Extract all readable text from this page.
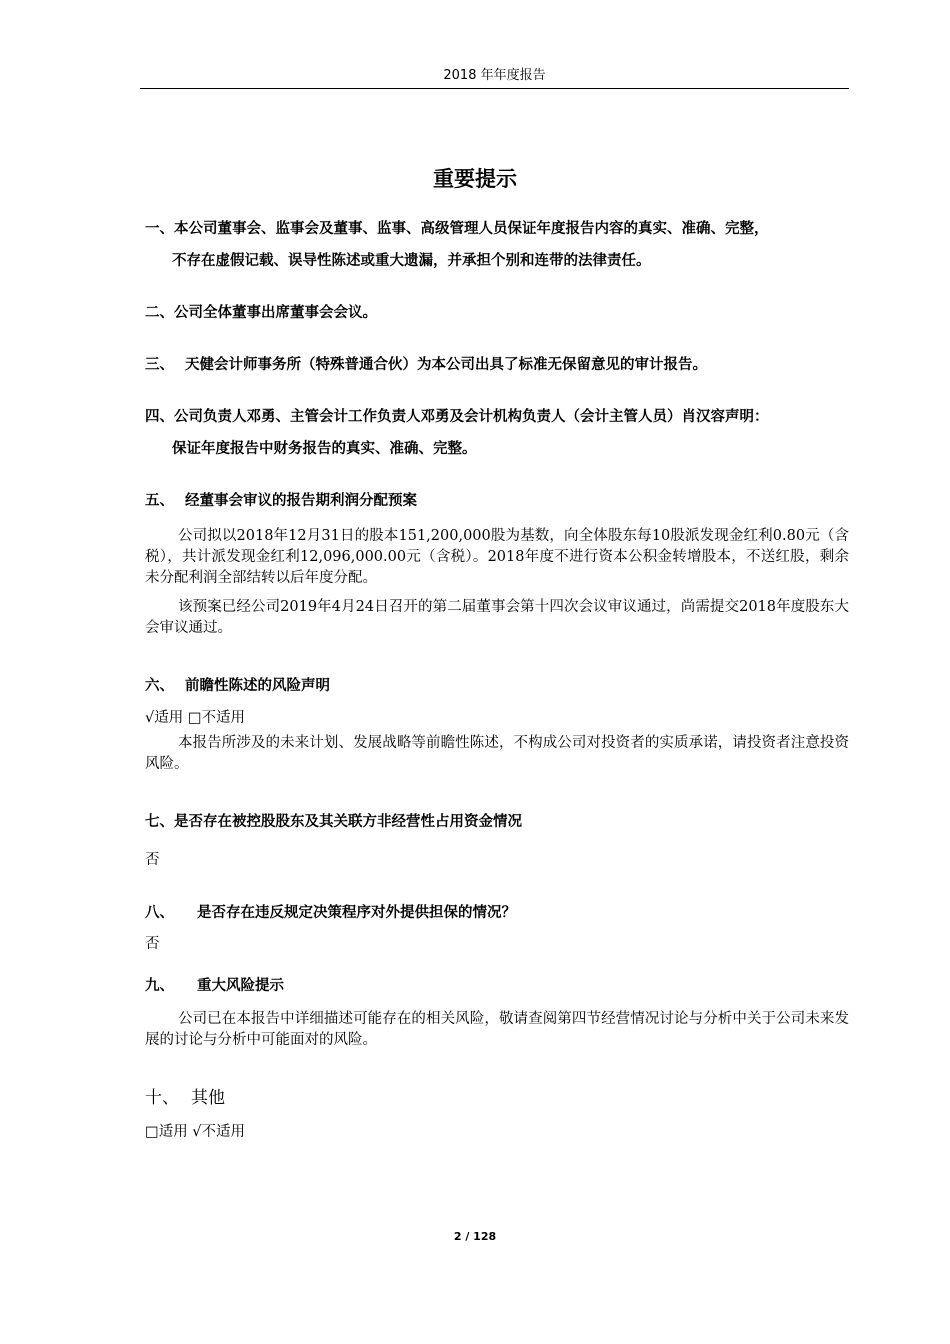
2018 年年度报告
重要提示
一、本公司董事会、监事会及董事、监事、高级管理人员保证年度报告内容的真实、准确、完整，
不存在虚假记载、误导性陈述或重大遗漏，并承担个别和连带的法律责任。
二、公司全体董事出席董事会会议。
三、 天健会计师事务所（特殊普通合伙）为本公司出具了标准无保留意见的审计报告。
四、公司负责人邓勇、主管会计工作负责人邓勇及会计机构负责人（会计主管人员）肖汉容声明：
保证年度报告中财务报告的真实、准确、完整。
五、 经董事会审议的报告期利润分配预案
公司拟以2018年12月31日的股本151,200,000股为基数，向全体股东每10股派发现金红利0.80元（含税），共计派发现金红利12,096,000.00元（含税）。2018年度不进行资本公积金转增股本，不送红股，剩余未分配利润全部结转以后年度分配。
该预案已经公司2019年4月24日召开的第二届董事会第十四次会议审议通过，尚需提交2018年度股东大会审议通过。
六、 前瞻性陈述的风险声明
√适用 □不适用
本报告所涉及的未来计划、发展战略等前瞻性陈述，不构成公司对投资者的实质承诺，请投资者注意投资风险。
七、是否存在被控股股东及其关联方非经营性占用资金情况
否
八、 是否存在违反规定决策程序对外提供担保的情况？
否
九、 重大风险提示
公司已在本报告中详细描述可能存在的相关风险，敬请查阅第四节经营情况讨论与分析中关于公司未来发展的讨论与分析中可能面对的风险。
十、 其他
□适用 √不适用
2 / 128
